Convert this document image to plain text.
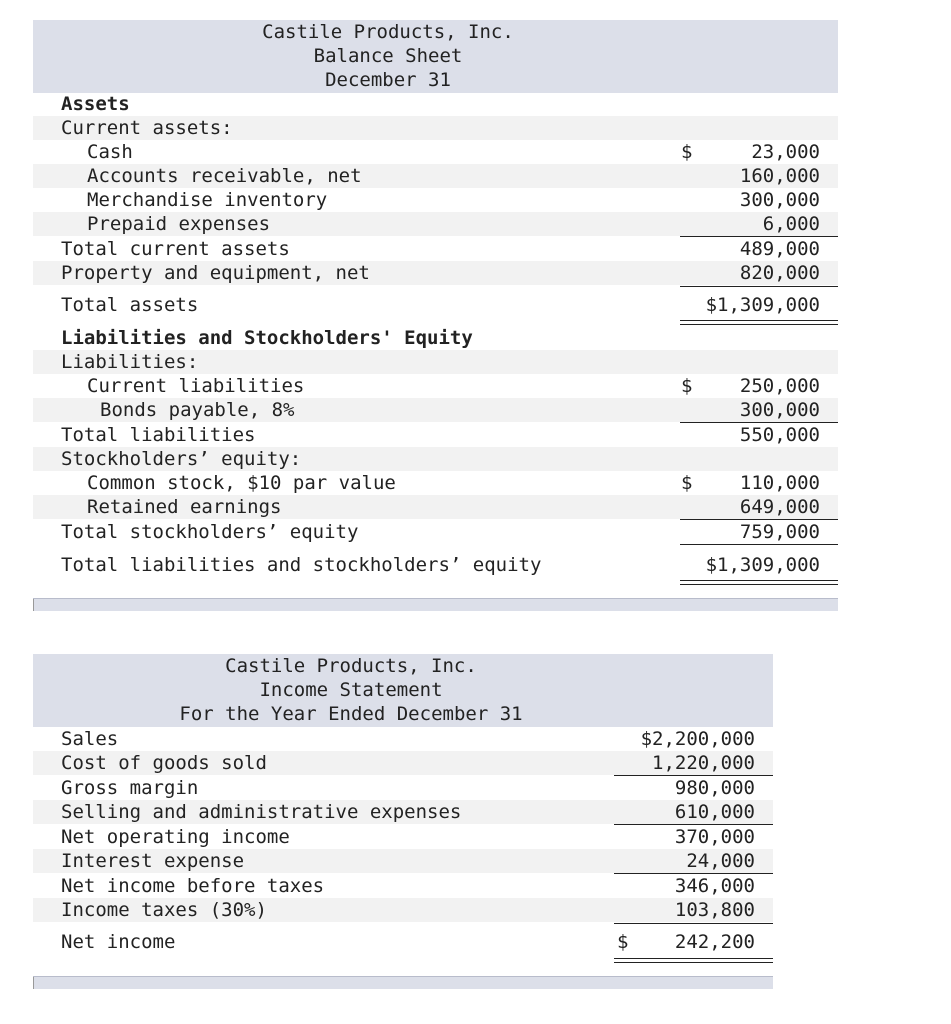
Castile Products, Inc.
Balance Sheet
December 31
Assets
Current assets:
Cash	$	23,000
Accounts receivable, net	160,000
Merchandise inventory	300,000
Prepaid expenses	6,000
Total current assets	489,000
Property and equipment, net	820,000
Total assets	$1,309,000
Liabilities and Stockholders' Equity
Liabilities:
Current liabilities	$ 250,000
Bonds payable, 8%	300,000
Total liabilities	550,000
Stockholders’ equity:
Common stock, $10 par value	$ 110,000
Retained earnings	649,000
Total stockholders’ equity	759,000
Total liabilities and stockholders’ equity	$1,309,000
Castile Products, Inc.
Income Statement
For the Year Ended December 31
Sales	$2,200,000
Cost of goods sold	1,220,000
Gross margin	980,000
Selling and administrative expenses	610,000
Net operating income	370,000
Interest expense	24,000
Net income before taxes	346,000
Income taxes (30%)	103,800
Net income	$ 242,200
